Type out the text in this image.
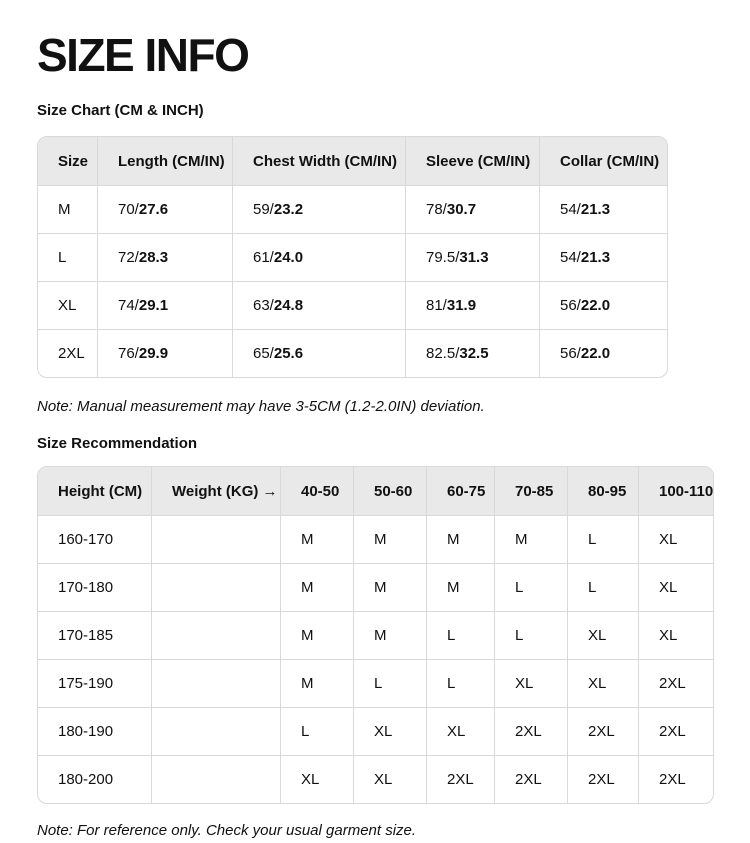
SIZE INFO
Size Chart (CM & INCH)
Size	Length (CM/IN)	Chest Width (CM/IN)	Sleeve (CM/IN)	Collar (CM/IN)
M	70/27.6	59/23.2	78/30.7	54/21.3
L	72/28.3	61/24.0	79.5/31.3	54/21.3
XL	74/29.1	63/24.8	81/31.9	56/22.0
2XL	76/29.9	65/25.6	82.5/32.5	56/22.0

Note: Manual measurement may have 3-5CM (1.2-2.0IN) deviation.

Size Recommendation
Height (CM)	Weight (KG) →	40-50	50-60	60-75	70-85	80-95	100-110
160-170		M	M	M	M	L	XL
170-180		M	M	M	L	L	XL
170-185		M	M	L	L	XL	XL
175-190		M	L	L	XL	XL	2XL
180-190		L	XL	XL	2XL	2XL	2XL
180-200		XL	XL	2XL	2XL	2XL	2XL

Note: For reference only. Check your usual garment size.
